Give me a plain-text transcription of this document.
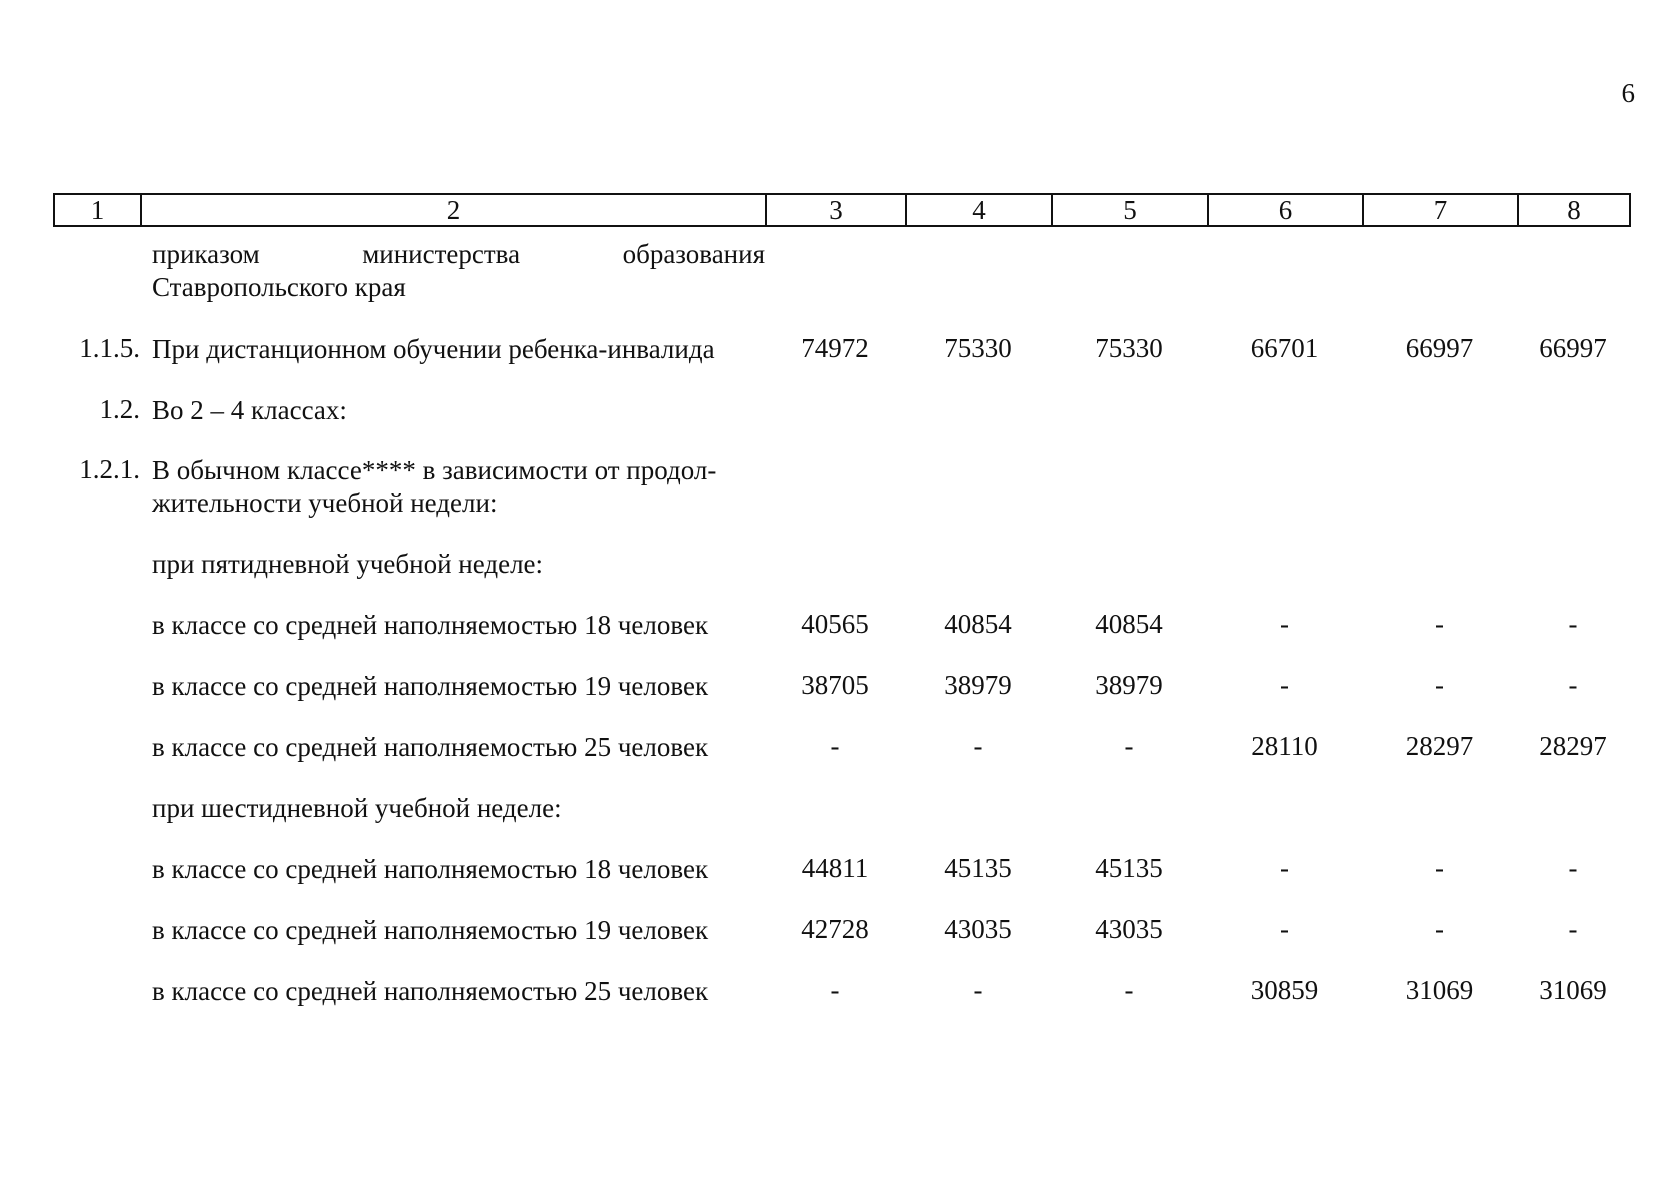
6
1	2	3	4	5	6	7	8
приказом министерства образования
Ставропольского края
1.1.5. При дистанционном обучении ребенка-инвалида	74972	75330	75330	66701	66997	66997
1.2. Во 2 – 4 классах:
1.2.1. В обычном классе**** в зависимости от продол-
жительности учебной недели:
при пятидневной учебной неделе:
в классе со средней наполняемостью 18 человек	40565	40854	40854	-	-	-
в классе со средней наполняемостью 19 человек	38705	38979	38979	-	-	-
в классе со средней наполняемостью 25 человек	-	-	-	28110	28297	28297
при шестидневной учебной неделе:
в классе со средней наполняемостью 18 человек	44811	45135	45135	-	-	-
в классе со средней наполняемостью 19 человек	42728	43035	43035	-	-	-
в классе со средней наполняемостью 25 человек	-	-	-	30859	31069	31069
